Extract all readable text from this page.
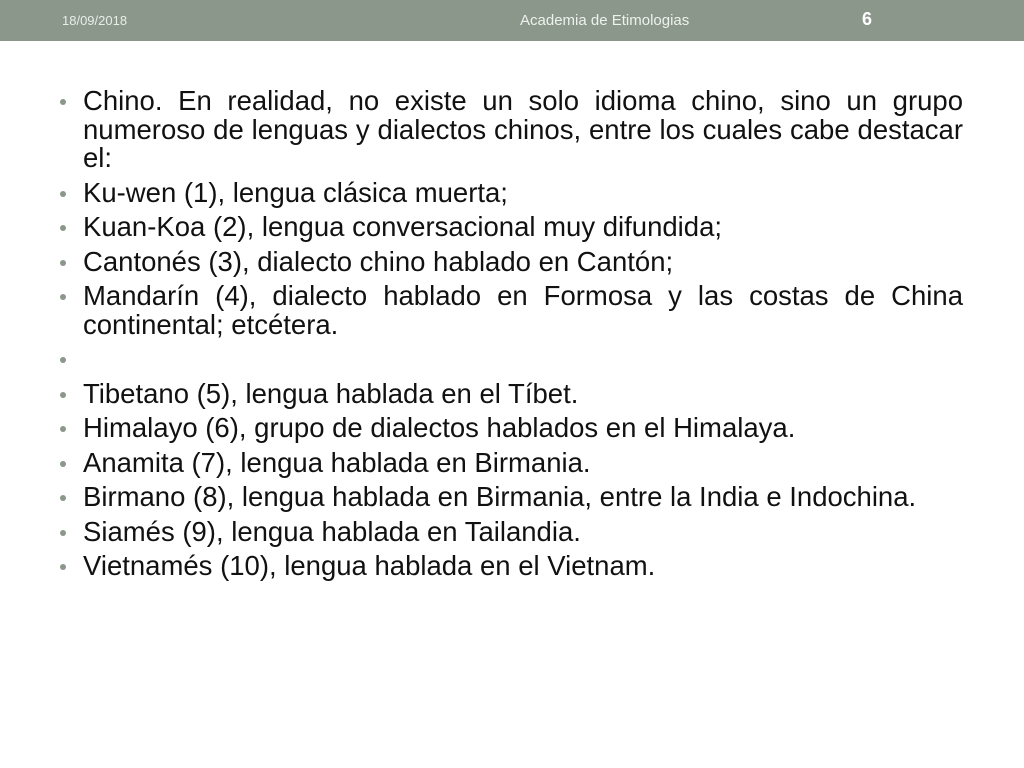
18/09/2018	Academia de Etimologias	6
Chino. En realidad, no existe un solo idioma chino, sino un grupo numeroso de lenguas y dialectos chinos, entre los cuales cabe destacar el:
Ku-wen (1), lengua clásica muerta;
Kuan-Koa (2), lengua conversacional muy difundida;
Cantonés (3), dialecto chino hablado en Cantón;
Mandarín (4), dialecto hablado en Formosa y las costas de China continental; etcétera.
Tibetano (5), lengua hablada en el Tíbet.
Himalayo (6), grupo de dialectos hablados en el Himalaya.
Anamita (7), lengua hablada en Birmania.
Birmano (8), lengua hablada en Birmania, entre la India e Indochina.
Siamés (9), lengua hablada en Tailandia.
Vietnamés (10), lengua hablada en el Vietnam.
